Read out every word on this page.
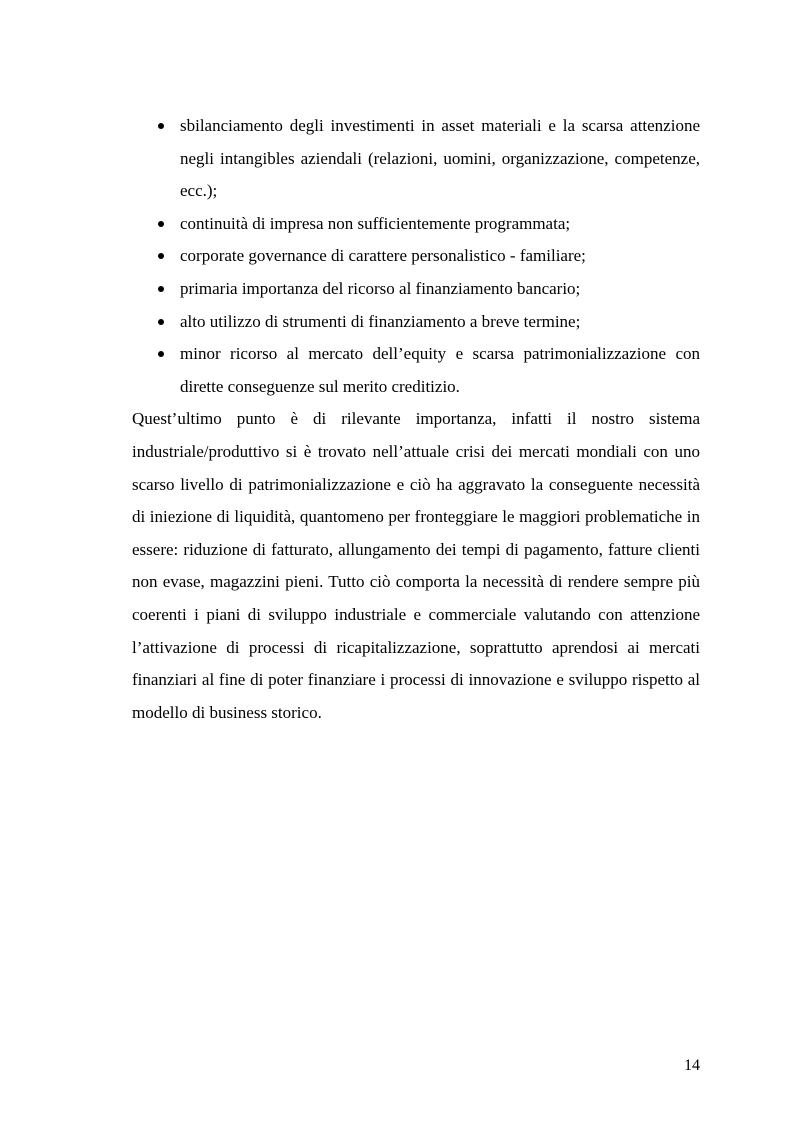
sbilanciamento degli investimenti in asset materiali e la scarsa attenzione negli intangibles aziendali (relazioni, uomini, organizzazione, competenze, ecc.);
continuità di impresa non sufficientemente programmata;
corporate governance di carattere personalistico - familiare;
primaria importanza del ricorso al finanziamento bancario;
alto utilizzo di strumenti di finanziamento a breve termine;
minor ricorso al mercato dell’equity e scarsa patrimonializzazione con dirette conseguenze sul merito creditizio.

Quest’ultimo punto è di rilevante importanza, infatti il nostro sistema industriale/produttivo si è trovato nell’attuale crisi dei mercati mondiali con uno scarso livello di patrimonializzazione e ciò ha aggravato la conseguente necessità di iniezione di liquidità, quantomeno per fronteggiare le maggiori problematiche in essere: riduzione di fatturato, allungamento dei tempi di pagamento, fatture clienti non evase, magazzini pieni. Tutto ciò comporta la necessità di rendere sempre più coerenti i piani di sviluppo industriale e commerciale valutando con attenzione l’attivazione di processi di ricapitalizzazione, soprattutto aprendosi ai mercati finanziari al fine di poter finanziare i processi di innovazione e sviluppo rispetto al modello di business storico.

14
